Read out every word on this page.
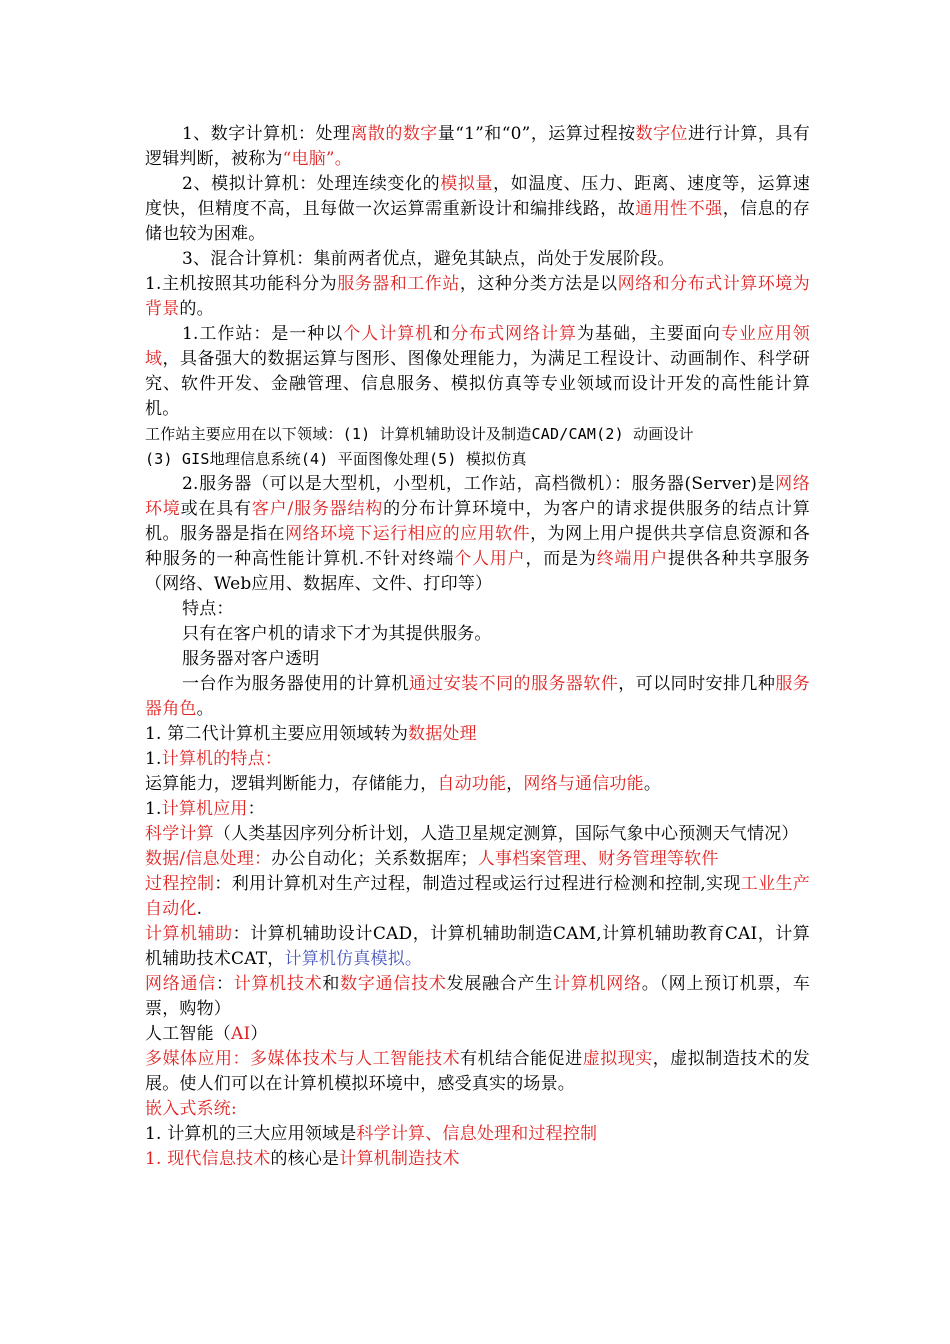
1、数字计算机：处理离散的数字量“1”和“0”，运算过程按数字位进行计算，具有逻辑判断，被称为“电脑”。

2、模拟计算机：处理连续变化的模拟量，如温度、压力、距离、速度等，运算速度快，但精度不高，且每做一次运算需重新设计和编排线路，故通用性不强，信息的存储也较为困难。

3、混合计算机：集前两者优点，避免其缺点，尚处于发展阶段。

1.主机按照其功能科分为服务器和工作站，这种分类方法是以网络和分布式计算环境为背景的。

1.工作站：是一种以个人计算机和分布式网络计算为基础，主要面向专业应用领域，具备强大的数据运算与图形、图像处理能力，为满足工程设计、动画制作、科学研究、软件开发、金融管理、信息服务、模拟仿真等专业领域而设计开发的高性能计算机。

工作站主要应用在以下领域：(1) 计算机辅助设计及制造CAD/CAM(2) 动画设计

(3) GIS地理信息系统(4) 平面图像处理(5) 模拟仿真

2.服务器（可以是大型机，小型机，工作站，高档微机）：服务器(Server)是网络环境或在具有客户/服务器结构的分布计算环境中，为客户的请求提供服务的结点计算机。服务器是指在网络环境下运行相应的应用软件，为网上用户提供共享信息资源和各种服务的一种高性能计算机.不针对终端个人用户，而是为终端用户提供各种共享服务（网络、Web应用、数据库、文件、打印等）

特点：

只有在客户机的请求下才为其提供服务。

服务器对客户透明

一台作为服务器使用的计算机通过安装不同的服务器软件，可以同时安排几种服务器角色。

1. 第二代计算机主要应用领域转为数据处理

1.计算机的特点：

运算能力，逻辑判断能力，存储能力，自动功能，网络与通信功能。

1.计算机应用：

科学计算（人类基因序列分析计划，人造卫星规定测算，国际气象中心预测天气情况）

数据/信息处理：办公自动化；关系数据库；人事档案管理、财务管理等软件

过程控制：利用计算机对生产过程，制造过程或运行过程进行检测和控制,实现工业生产自动化.

计算机辅助：计算机辅助设计CAD，计算机辅助制造CAM,计算机辅助教育CAI，计算机辅助技术CAT，计算机仿真模拟。

网络通信：计算机技术和数字通信技术发展融合产生计算机网络。（网上预订机票，车票，购物）

人工智能（AI）

多媒体应用：多媒体技术与人工智能技术有机结合能促进虚拟现实，虚拟制造技术的发展。使人们可以在计算机模拟环境中，感受真实的场景。

嵌入式系统:

1. 计算机的三大应用领域是科学计算、信息处理和过程控制

1. 现代信息技术的核心是计算机制造技术
